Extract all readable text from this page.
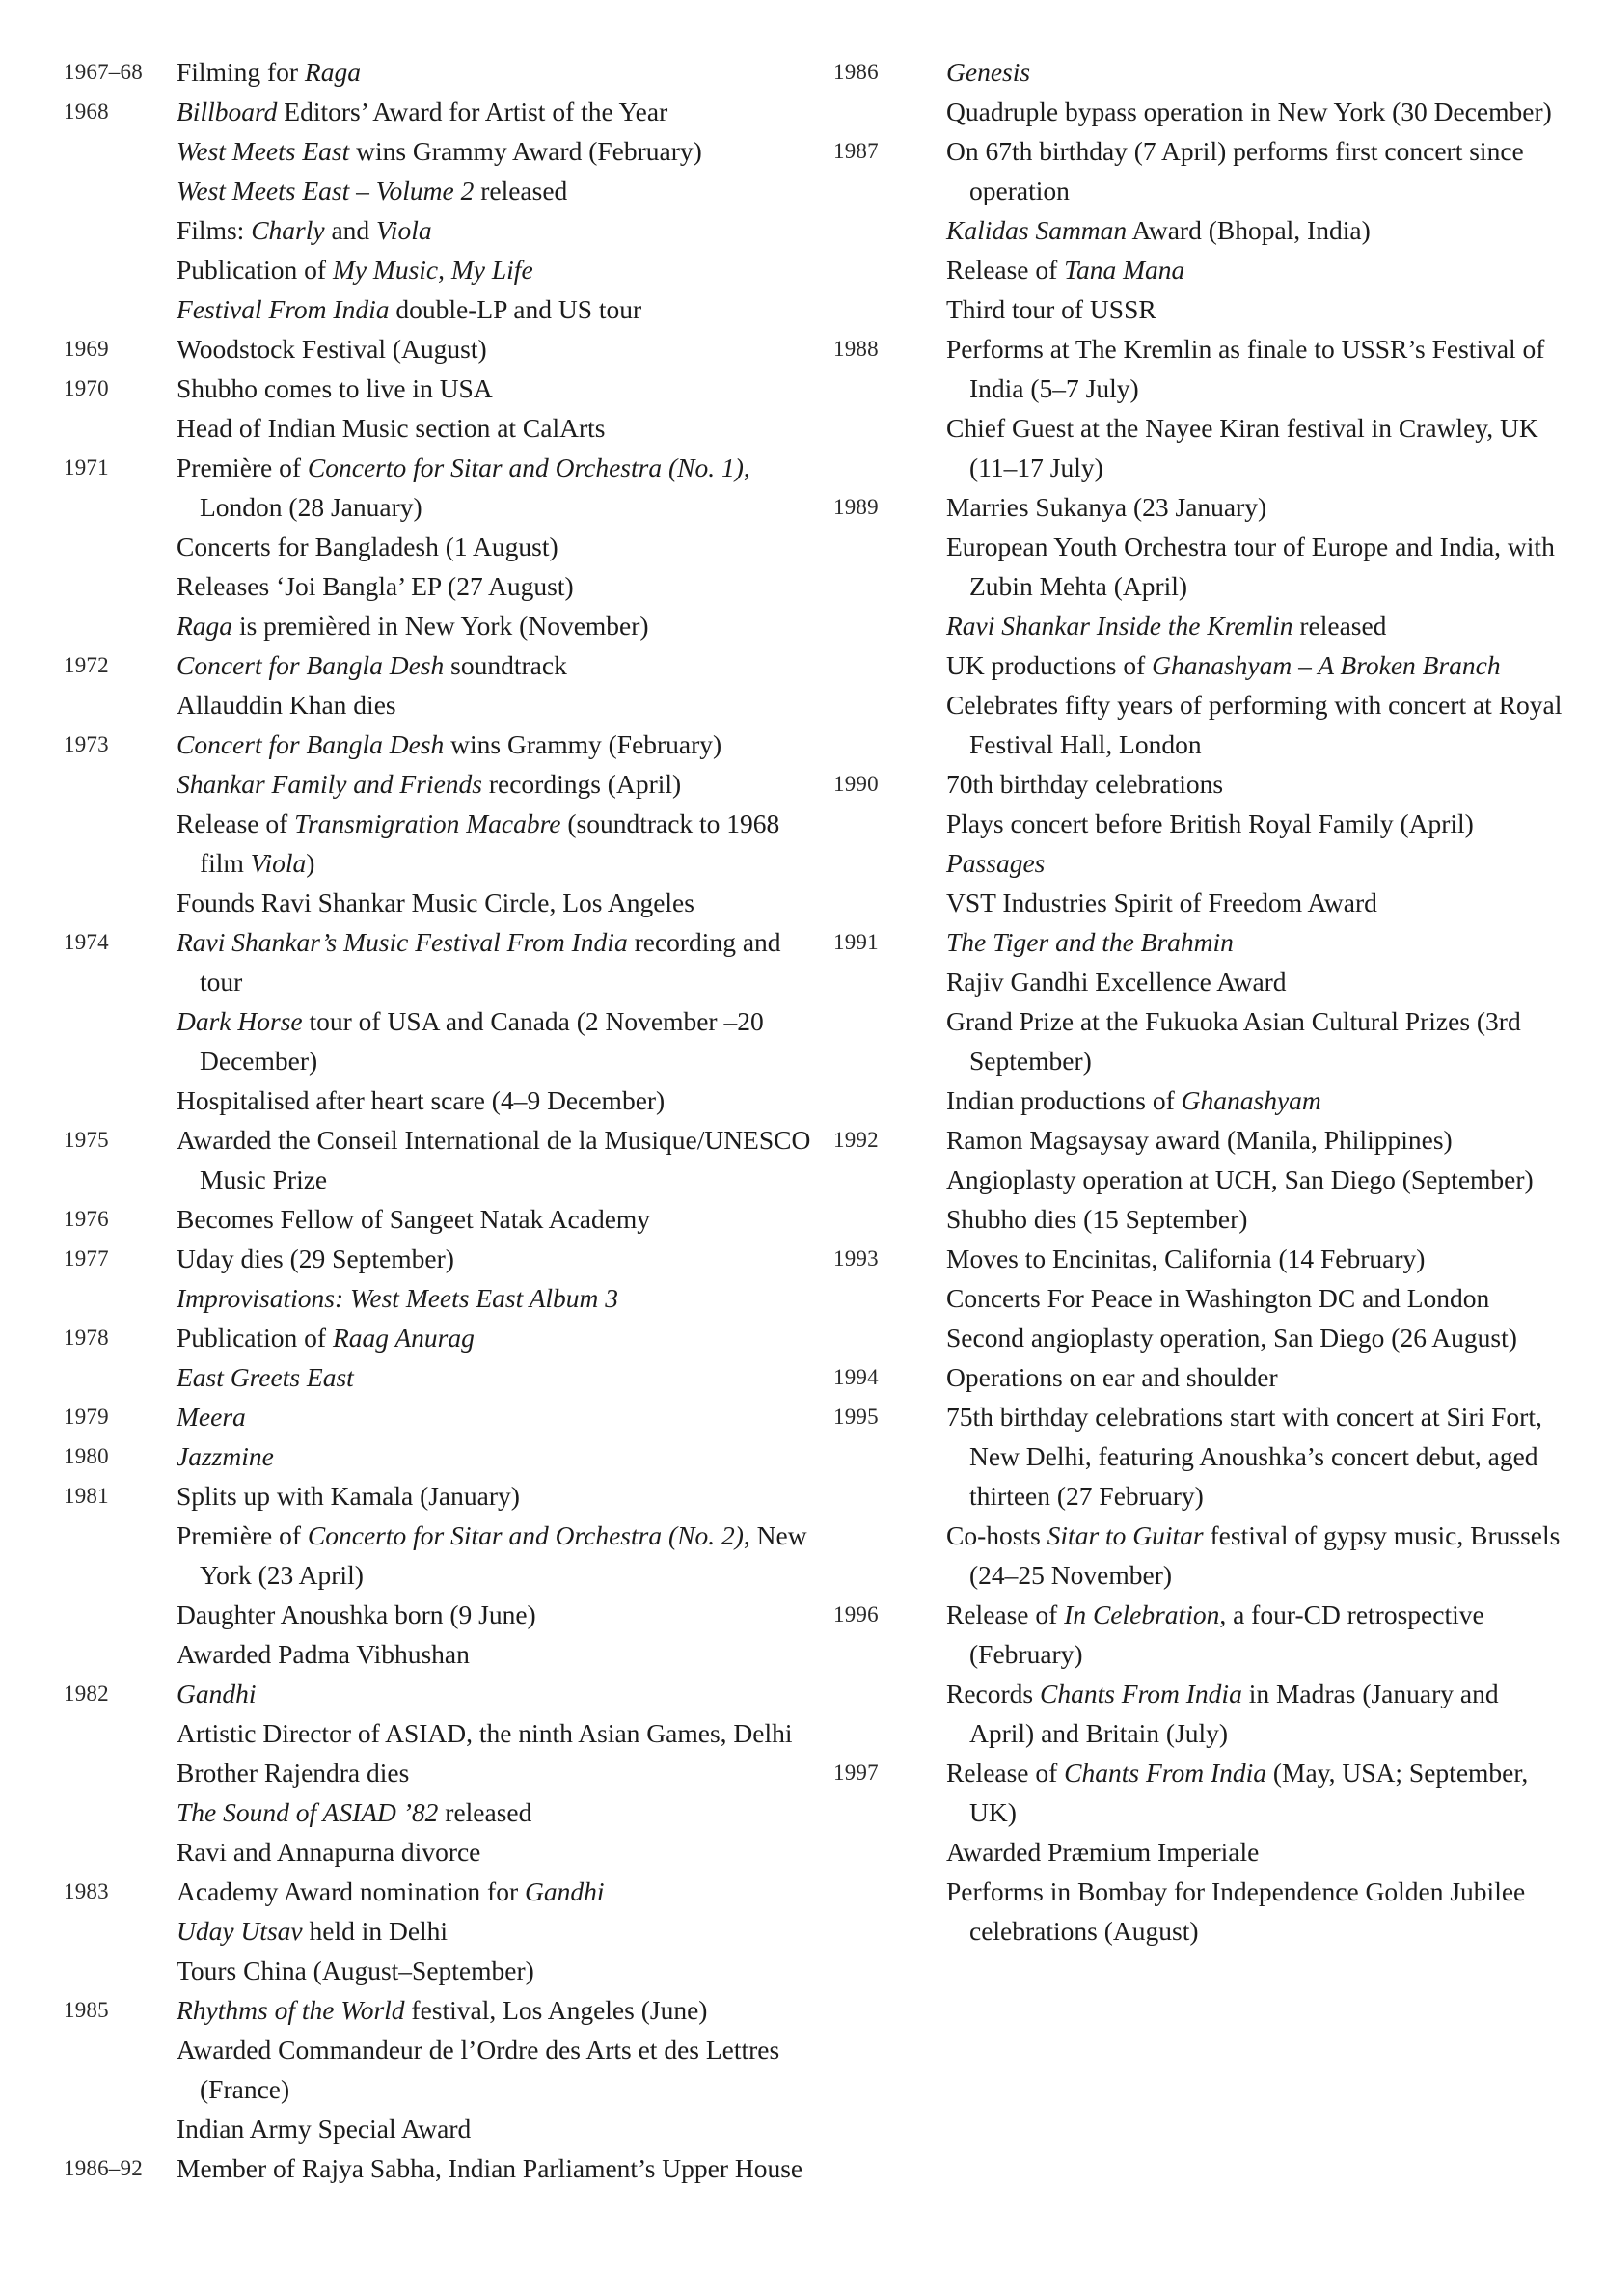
1967–68	Filming for Raga
1968	Billboard Editors’ Award for Artist of the Year
West Meets East wins Grammy Award (February)
West Meets East – Volume 2 released
Films: Charly and Viola
Publication of My Music, My Life
Festival From India double-LP and US tour
1969	Woodstock Festival (August)
1970	Shubho comes to live in USA
Head of Indian Music section at CalArts
1971	Première of Concerto for Sitar and Orchestra (No. 1), London (28 January)
Concerts for Bangladesh (1 August)
Releases ‘Joi Bangla’ EP (27 August)
Raga is premièred in New York (November)
1972	Concert for Bangla Desh soundtrack
Allauddin Khan dies
1973	Concert for Bangla Desh wins Grammy (February)
Shankar Family and Friends recordings (April)
Release of Transmigration Macabre (soundtrack to 1968 film Viola)
Founds Ravi Shankar Music Circle, Los Angeles
1974	Ravi Shankar’s Music Festival From India recording and tour
Dark Horse tour of USA and Canada (2 November –20 December)
Hospitalised after heart scare (4–9 December)
1975	Awarded the Conseil International de la Musique/UNESCO Music Prize
1976	Becomes Fellow of Sangeet Natak Academy
1977	Uday dies (29 September)
Improvisations: West Meets East Album 3
1978	Publication of Raag Anurag
East Greets East
1979	Meera
1980	Jazzmine
1981	Splits up with Kamala (January)
Première of Concerto for Sitar and Orchestra (No. 2), New York (23 April)
Daughter Anoushka born (9 June)
Awarded Padma Vibhushan
1982	Gandhi
Artistic Director of ASIAD, the ninth Asian Games, Delhi
Brother Rajendra dies
The Sound of ASIAD ’82 released
Ravi and Annapurna divorce
1983	Academy Award nomination for Gandhi
Uday Utsav held in Delhi
Tours China (August–September)
1985	Rhythms of the World festival, Los Angeles (June)
Awarded Commandeur de l’Ordre des Arts et des Lettres (France)
Indian Army Special Award
1986–92	Member of Rajya Sabha, Indian Parliament’s Upper House
1986	Genesis
Quadruple bypass operation in New York (30 December)
1987	On 67th birthday (7 April) performs first concert since operation
Kalidas Samman Award (Bhopal, India)
Release of Tana Mana
Third tour of USSR
1988	Performs at The Kremlin as finale to USSR’s Festival of India (5–7 July)
Chief Guest at the Nayee Kiran festival in Crawley, UK (11–17 July)
1989	Marries Sukanya (23 January)
European Youth Orchestra tour of Europe and India, with Zubin Mehta (April)
Ravi Shankar Inside the Kremlin released
UK productions of Ghanashyam – A Broken Branch
Celebrates fifty years of performing with concert at Royal Festival Hall, London
1990	70th birthday celebrations
Plays concert before British Royal Family (April)
Passages
VST Industries Spirit of Freedom Award
1991	The Tiger and the Brahmin
Rajiv Gandhi Excellence Award
Grand Prize at the Fukuoka Asian Cultural Prizes (3rd September)
Indian productions of Ghanashyam
1992	Ramon Magsaysay award (Manila, Philippines)
Angioplasty operation at UCH, San Diego (September)
Shubho dies (15 September)
1993	Moves to Encinitas, California (14 February)
Concerts For Peace in Washington DC and London
Second angioplasty operation, San Diego (26 August)
1994	Operations on ear and shoulder
1995	75th birthday celebrations start with concert at Siri Fort, New Delhi, featuring Anoushka’s concert debut, aged thirteen (27 February)
Co-hosts Sitar to Guitar festival of gypsy music, Brussels (24–25 November)
1996	Release of In Celebration, a four-CD retrospective (February)
Records Chants From India in Madras (January and April) and Britain (July)
1997	Release of Chants From India (May, USA; September, UK)
Awarded Præmium Imperiale
Performs in Bombay for Independence Golden Jubilee celebrations (August)
